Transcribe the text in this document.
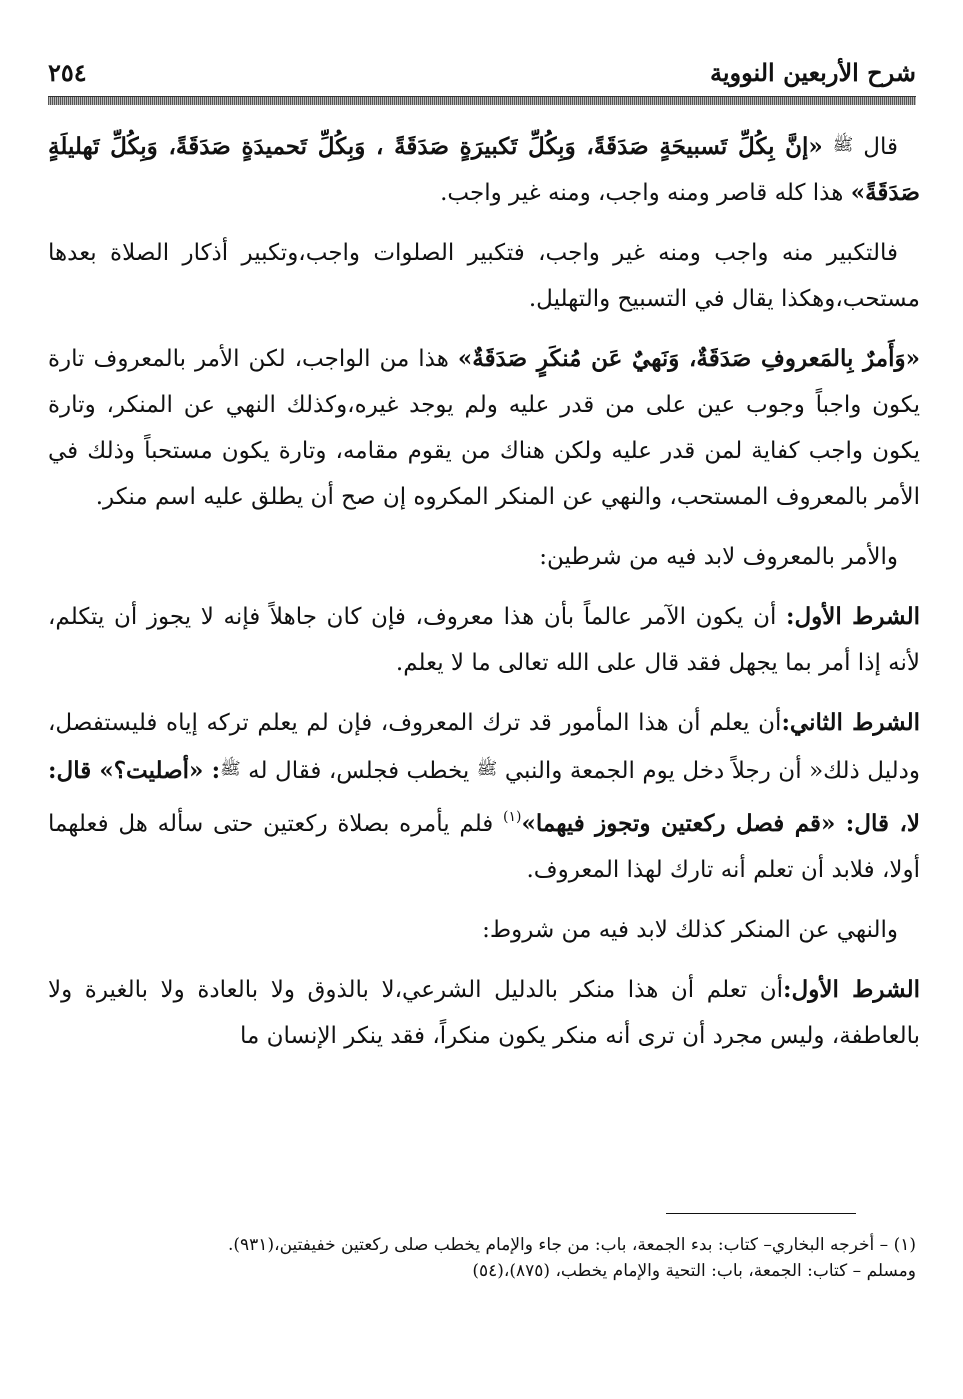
شرح الأربعين النووية
٢٥٤

قال ﷺ «إنَّ بِكُلِّ تَسبيحَةٍ صَدَقَةً، وَبِكُلِّ تَكبيرَةٍ صَدَقَةً ، وَبِكُلِّ تَحميدَةٍ صَدَقَةً، وَبِكُلِّ تَهليلَةٍ صَدَقَةً» هذا كله قاصر ومنه واجب، ومنه غير واجب.

فالتكبير منه واجب ومنه غير واجب، فتكبير الصلوات واجب،وتكبير أذكار الصلاة بعدها مستحب،وهكذا يقال في التسبيح والتهليل.

«وَأَمرٌ بِالمَعروفِ صَدَقَةٌ، وَنَهيٌ عَن مُنكَرٍ صَدَقَةٌ» هذا من الواجب، لكن الأمر بالمعروف تارة يكون واجباً وجوب عين على من قدر عليه ولم يوجد غيره،وكذلك النهي عن المنكر، وتارة يكون واجب كفاية لمن قدر عليه ولكن هناك من يقوم مقامه، وتارة يكون مستحباً وذلك في الأمر بالمعروف المستحب، والنهي عن المنكر المكروه إن صح أن يطلق عليه اسم منكر.

والأمر بالمعروف لابد فيه من شرطين:

الشرط الأول: أن يكون الآمر عالماً بأن هذا معروف، فإن كان جاهلاً فإنه لا يجوز أن يتكلم، لأنه إذا أمر بما يجهل فقد قال على الله تعالى ما لا يعلم.

الشرط الثاني:أن يعلم أن هذا المأمور قد ترك المعروف، فإن لم يعلم تركه إياه فليستفصل، ودليل ذلك« أن رجلاً دخل يوم الجمعة والنبي ﷺ يخطب فجلس، فقال له ﷺ: «أصليت؟» قال: لا، قال: «قم فصل ركعتين وتجوز فيهما»$^{(١)}$ فلم يأمره بصلاة ركعتين حتى سأله هل فعلهما أولا، فلابد أن تعلم أنه تارك لهذا المعروف.

والنهي عن المنكر كذلك لابد فيه من شروط:

الشرط الأول:أن تعلم أن هذا منكر بالدليل الشرعي،لا بالذوق ولا بالعادة ولا بالغيرة ولا بالعاطفة، وليس مجرد أن ترى أنه منكر يكون منكراً، فقد ينكر الإنسان ما

(١) – أخرجه البخاري– كتاب: بدء الجمعة، باب: من جاء والإمام يخطب صلى ركعتين خفيفتين،(٩٣١).

ومسلم – كتاب: الجمعة، باب: التحية والإمام يخطب، (٨٧٥)،(٥٤)
